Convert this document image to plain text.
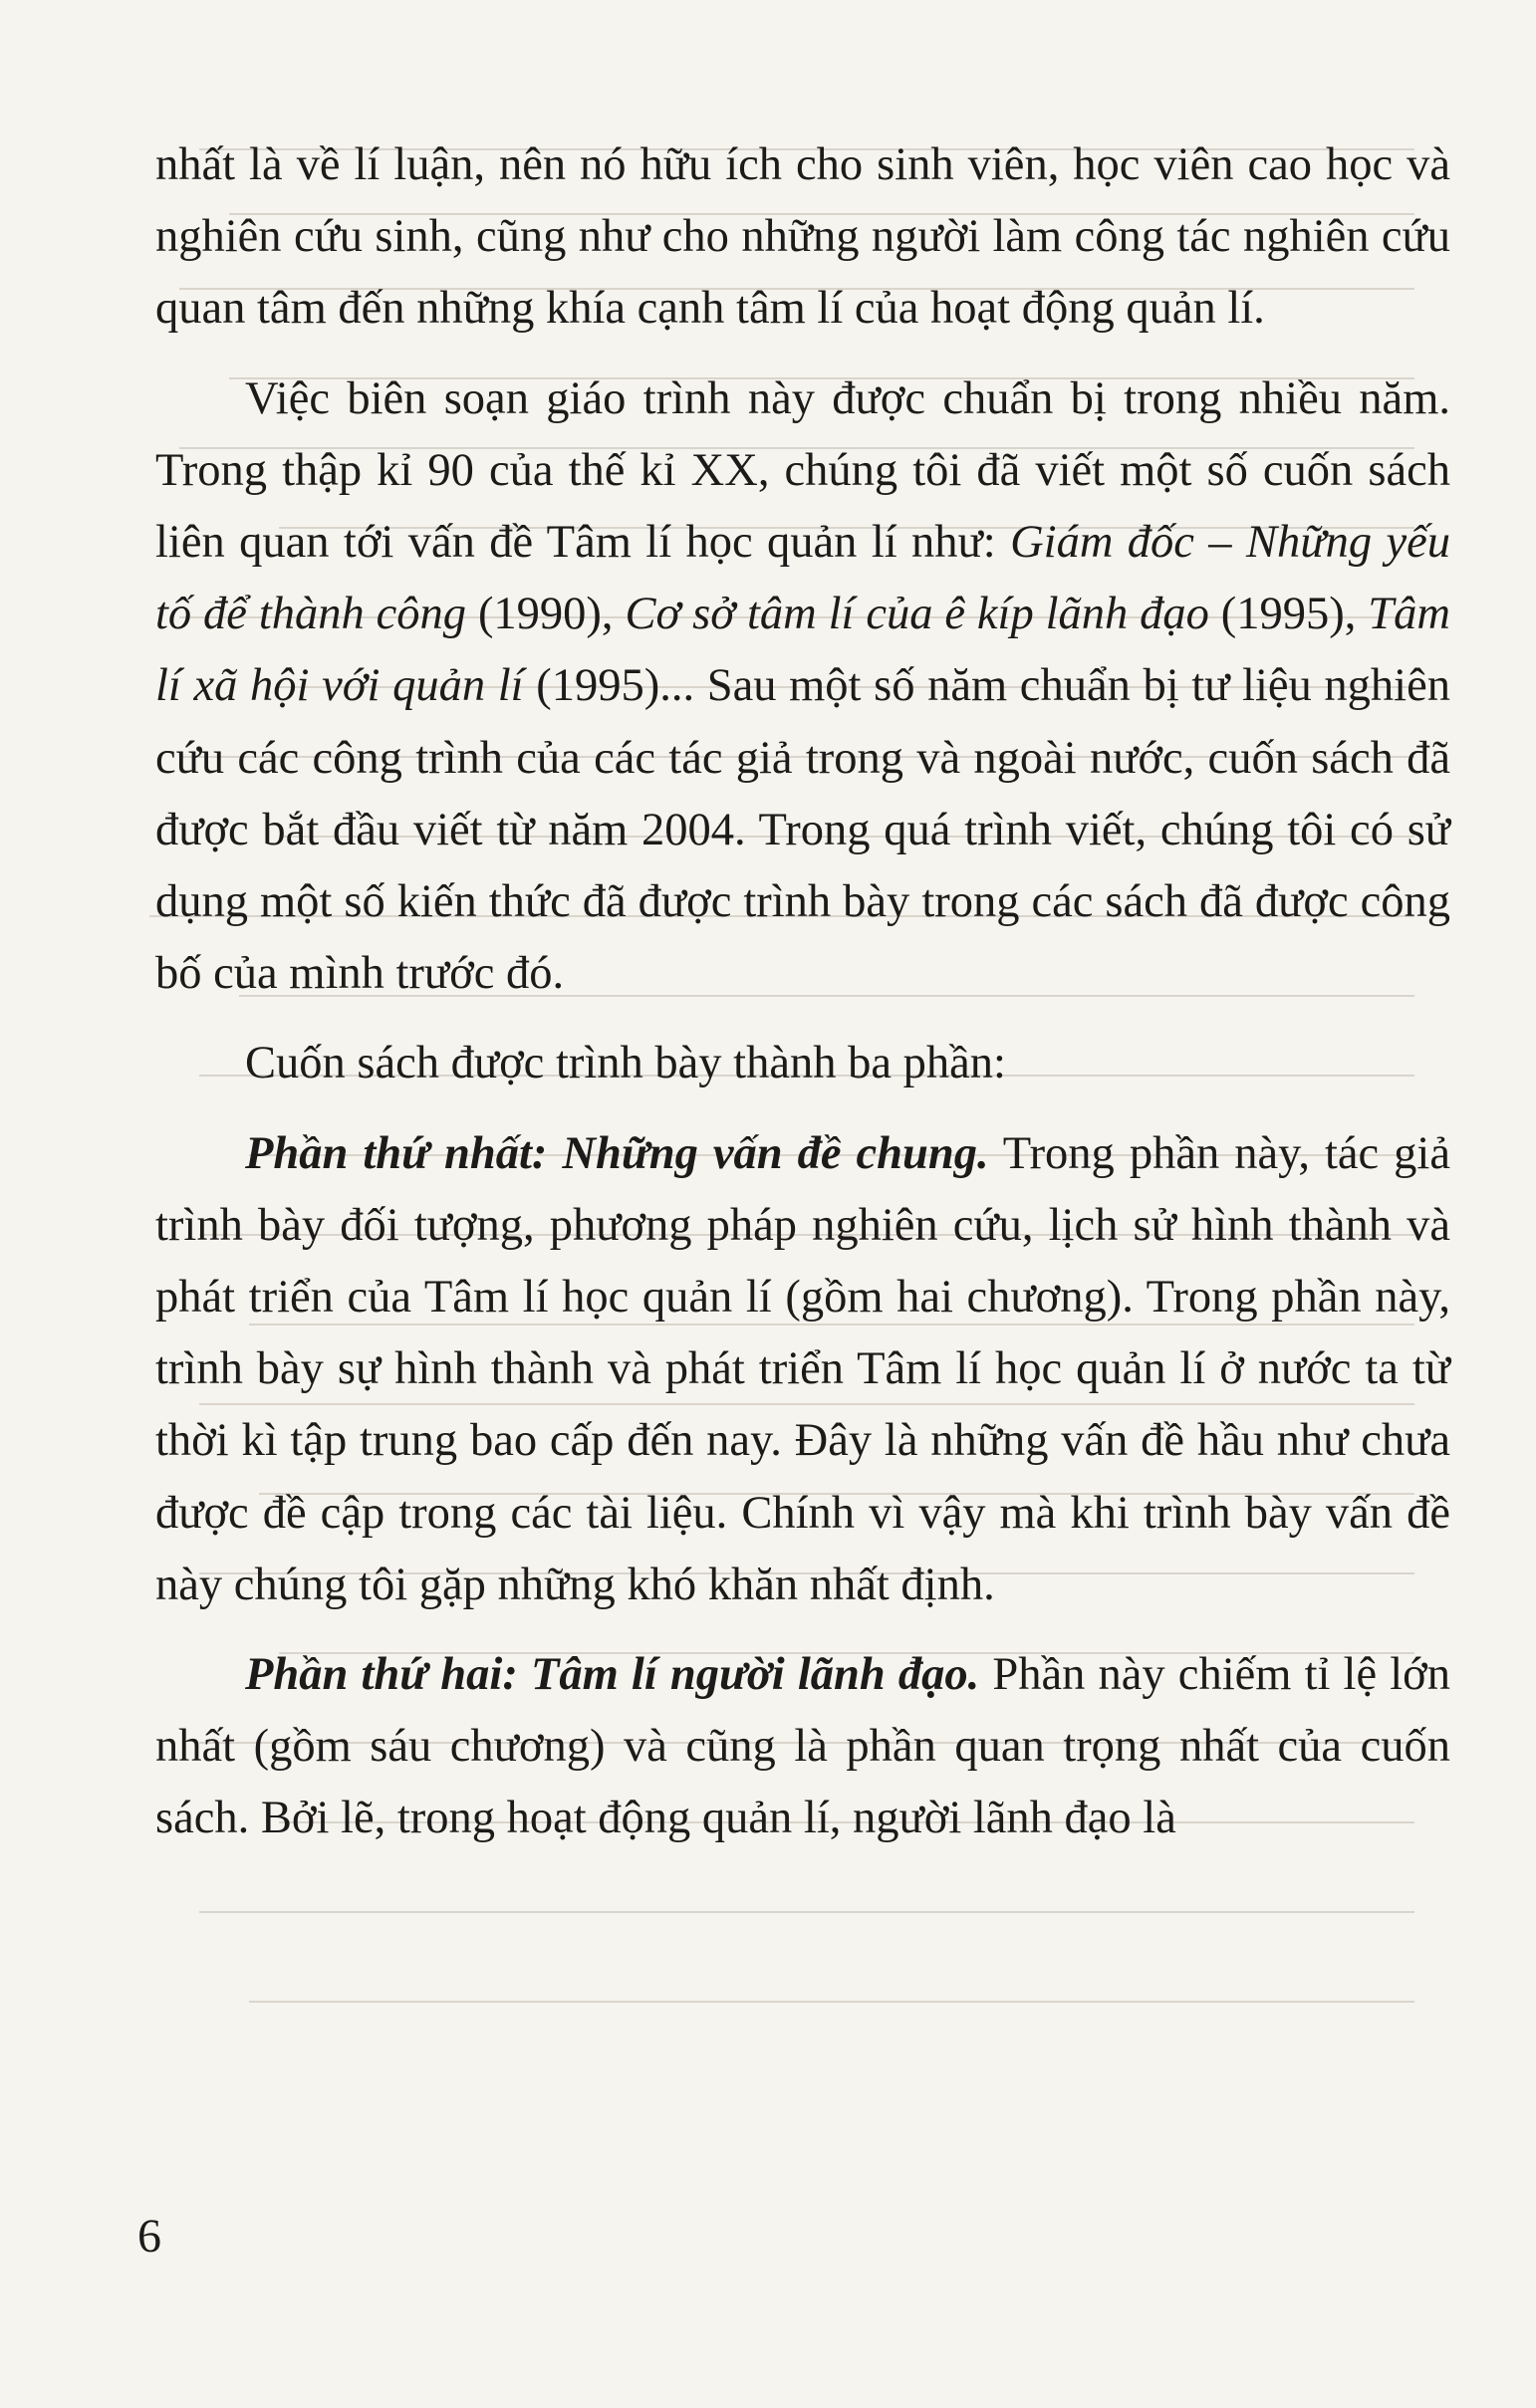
nhất là về lí luận, nên nó hữu ích cho sinh viên, học viên cao học và nghiên cứu sinh, cũng như cho những người làm công tác nghiên cứu quan tâm đến những khía cạnh tâm lí của hoạt động quản lí.

Việc biên soạn giáo trình này được chuẩn bị trong nhiều năm. Trong thập kỉ 90 của thế kỉ XX, chúng tôi đã viết một số cuốn sách liên quan tới vấn đề Tâm lí học quản lí như: Giám đốc – Những yếu tố để thành công (1990), Cơ sở tâm lí của ê kíp lãnh đạo (1995), Tâm lí xã hội với quản lí (1995)... Sau một số năm chuẩn bị tư liệu nghiên cứu các công trình của các tác giả trong và ngoài nước, cuốn sách đã được bắt đầu viết từ năm 2004. Trong quá trình viết, chúng tôi có sử dụng một số kiến thức đã được trình bày trong các sách đã được công bố của mình trước đó.

Cuốn sách được trình bày thành ba phần:

Phần thứ nhất: Những vấn đề chung. Trong phần này, tác giả trình bày đối tượng, phương pháp nghiên cứu, lịch sử hình thành và phát triển của Tâm lí học quản lí (gồm hai chương). Trong phần này, trình bày sự hình thành và phát triển Tâm lí học quản lí ở nước ta từ thời kì tập trung bao cấp đến nay. Đây là những vấn đề hầu như chưa được đề cập trong các tài liệu. Chính vì vậy mà khi trình bày vấn đề này chúng tôi gặp những khó khăn nhất định.

Phần thứ hai: Tâm lí người lãnh đạo. Phần này chiếm tỉ lệ lớn nhất (gồm sáu chương) và cũng là phần quan trọng nhất của cuốn sách. Bởi lẽ, trong hoạt động quản lí, người lãnh đạo là

6
